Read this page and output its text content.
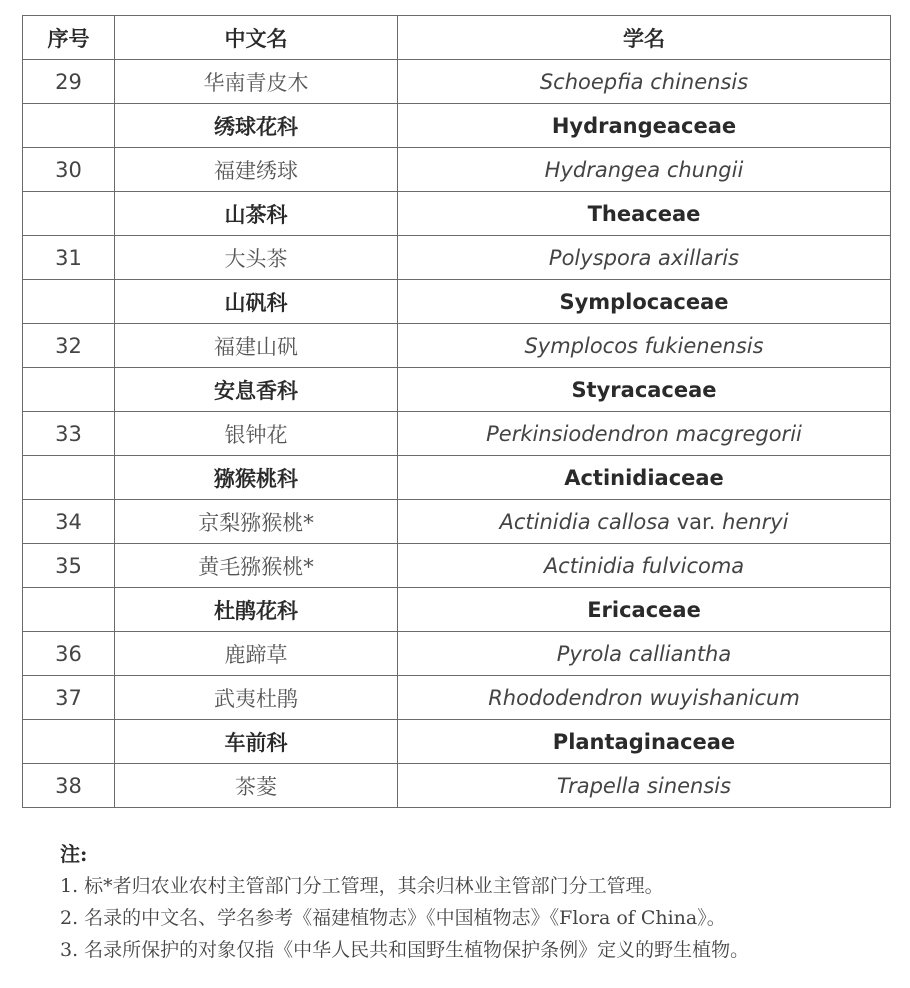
序号	中文名	学名
29	华南青皮木	Schoepfia chinensis
	绣球花科	Hydrangeaceae
30	福建绣球	Hydrangea chungii
	山茶科	Theaceae
31	大头茶	Polyspora axillaris
	山矾科	Symplocaceae
32	福建山矾	Symplocos fukienensis
	安息香科	Styracaceae
33	银钟花	Perkinsiodendron macgregorii
	猕猴桃科	Actinidiaceae
34	京梨猕猴桃*	Actinidia callosa var. henryi
35	黄毛猕猴桃*	Actinidia fulvicoma
	杜鹃花科	Ericaceae
36	鹿蹄草	Pyrola calliantha
37	武夷杜鹃	Rhododendron wuyishanicum
	车前科	Plantaginaceae
38	茶菱	Trapella sinensis
注:
1. 标*者归农业农村主管部门分工管理，其余归林业主管部门分工管理。
2. 名录的中文名、学名参考《福建植物志》《中国植物志》《Flora of China》。
3. 名录所保护的对象仅指《中华人民共和国野生植物保护条例》定义的野生植物。
